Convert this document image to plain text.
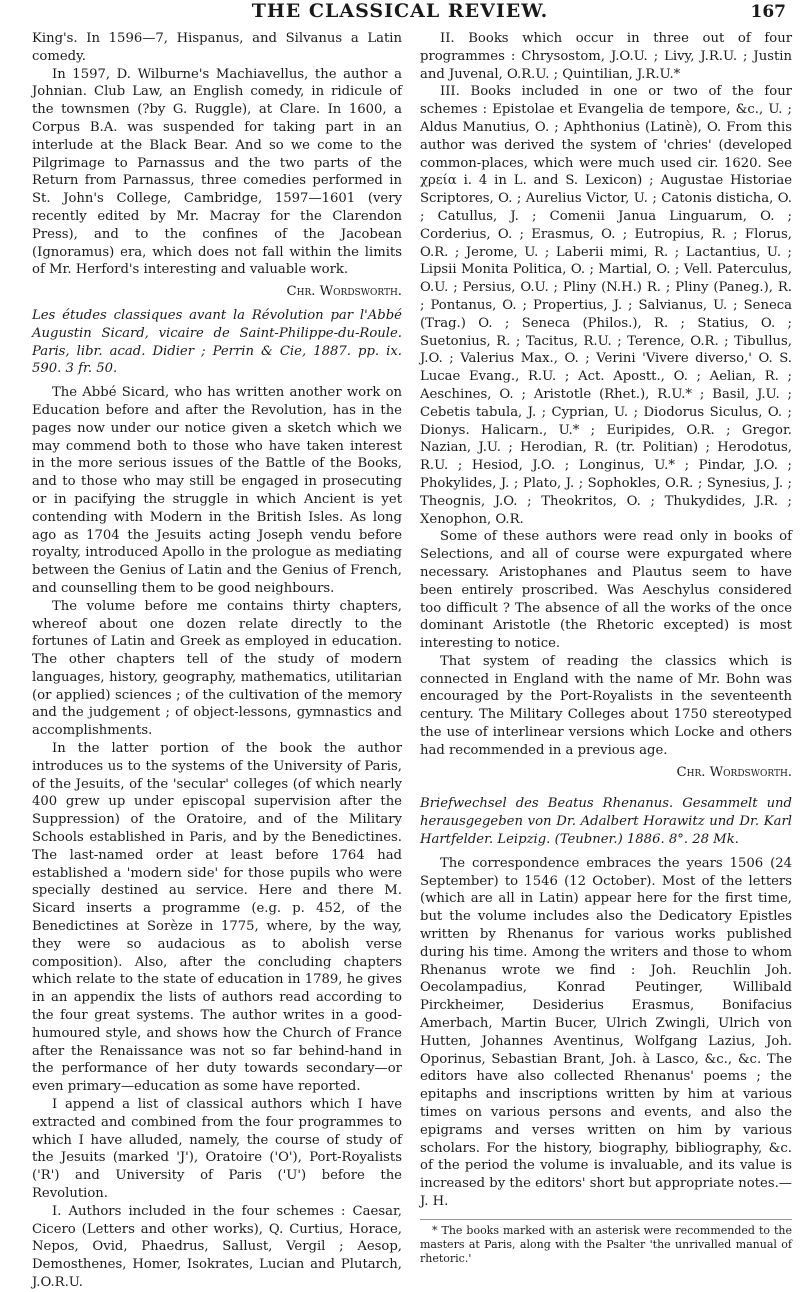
THE CLASSICAL REVIEW.	167

King's. In 1596—7, Hispanus, and Silvanus a Latin comedy.

In 1597, D. Wilburne's Machiavellus, the author a Johnian. Club Law, an English comedy, in ridicule of the townsmen (?by G. Ruggle), at Clare. In 1600, a Corpus B.A. was suspended for taking part in an interlude at the Black Bear. And so we come to the Pilgrimage to Parnassus and the two parts of the Return from Parnassus, three comedies performed in St. John's College, Cambridge, 1597—1601 (very recently edited by Mr. Macray for the Clarendon Press), and to the confines of the Jacobean (Ignoramus) era, which does not fall within the limits of Mr. Herford's interesting and valuable work.

Chr. Wordsworth.

Les études classiques avant la Révolution par l'Abbé Augustin Sicard, vicaire de Saint-Philippe-du-Roule. Paris, libr. acad. Didier ; Perrin & Cie, 1887. pp. ix. 590. 3 fr. 50.

The Abbé Sicard, who has written another work on Education before and after the Revolution, has in the pages now under our notice given a sketch which we may commend both to those who have taken interest in the more serious issues of the Battle of the Books, and to those who may still be engaged in prosecuting or in pacifying the struggle in which Ancient is yet contending with Modern in the British Isles. As long ago as 1704 the Jesuits acting Joseph vendu before royalty, introduced Apollo in the prologue as mediating between the Genius of Latin and the Genius of French, and counselling them to be good neighbours.

The volume before me contains thirty chapters, whereof about one dozen relate directly to the fortunes of Latin and Greek as employed in education. The other chapters tell of the study of modern languages, history, geography, mathematics, utilitarian (or applied) sciences ; of the cultivation of the memory and the judgement ; of object-lessons, gymnastics and accomplishments.

In the latter portion of the book the author introduces us to the systems of the University of Paris, of the Jesuits, of the 'secular' colleges (of which nearly 400 grew up under episcopal supervision after the Suppression) of the Oratoire, and of the Military Schools established in Paris, and by the Benedictines. The last-named order at least before 1764 had established a 'modern side' for those pupils who were specially destined au service. Here and there M. Sicard inserts a programme (e.g. p. 452, of the Benedictines at Sorèze in 1775, where, by the way, they were so audacious as to abolish verse composition). Also, after the concluding chapters which relate to the state of education in 1789, he gives in an appendix the lists of authors read according to the four great systems. The author writes in a good-humoured style, and shows how the Church of France after the Renaissance was not so far behind-hand in the performance of her duty towards secondary—or even primary—education as some have reported.

I append a list of classical authors which I have extracted and combined from the four programmes to which I have alluded, namely, the course of study of the Jesuits (marked 'J'), Oratoire ('O'), Port-Royalists ('R') and University of Paris ('U') before the Revolution.

I. Authors included in the four schemes : Caesar, Cicero (Letters and other works), Q. Curtius, Horace, Nepos, Ovid, Phaedrus, Sallust, Vergil ; Aesop, Demosthenes, Homer, Isokrates, Lucian and Plutarch, J.O.R.U.

II. Books which occur in three out of four programmes : Chrysostom, J.O.U. ; Livy, J.R.U. ; Justin and Juvenal, O.R.U. ; Quintilian, J.R.U.*

III. Books included in one or two of the four schemes : Epistolae et Evangelia de tempore, &c., U. ; Aldus Manutius, O. ; Aphthonius (Latinè), O. From this author was derived the system of 'chries' (developed common-places, which were much used cir. 1620. See χρεία i. 4 in L. and S. Lexicon) ; Augustae Historiae Scriptores, O. ; Aurelius Victor, U. ; Catonis disticha, O. ; Catullus, J. ; Comenii Janua Linguarum, O. ; Corderius, O. ; Erasmus, O. ; Eutropius, R. ; Florus, O.R. ; Jerome, U. ; Laberii mimi, R. ; Lactantius, U. ; Lipsii Monita Politica, O. ; Martial, O. ; Vell. Paterculus, O.U. ; Persius, O.U. ; Pliny (N.H.) R. ; Pliny (Paneg.), R. ; Pontanus, O. ; Propertius, J. ; Salvianus, U. ; Seneca (Trag.) O. ; Seneca (Philos.), R. ; Statius, O. ; Suetonius, R. ; Tacitus, R.U. ; Terence, O.R. ; Tibullus, J.O. ; Valerius Max., O. ; Verini 'Vivere diverso,' O. S. Lucae Evang., R.U. ; Act. Apostt., O. ; Aelian, R. ; Aeschines, O. ; Aristotle (Rhet.), R.U.* ; Basil, J.U. ; Cebetis tabula, J. ; Cyprian, U. ; Diodorus Siculus, O. ; Dionys. Halicarn., U.* ; Euripides, O.R. ; Gregor. Nazian, J.U. ; Herodian, R. (tr. Politian) ; Herodotus, R.U. ; Hesiod, J.O. ; Longinus, U.* ; Pindar, J.O. ; Phokylides, J. ; Plato, J. ; Sophokles, O.R. ; Synesius, J. ; Theognis, J.O. ; Theokritos, O. ; Thukydides, J.R. ; Xenophon, O.R.

Some of these authors were read only in books of Selections, and all of course were expurgated where necessary. Aristophanes and Plautus seem to have been entirely proscribed. Was Aeschylus considered too difficult ? The absence of all the works of the once dominant Aristotle (the Rhetoric excepted) is most interesting to notice.

That system of reading the classics which is connected in England with the name of Mr. Bohn was encouraged by the Port-Royalists in the seventeenth century. The Military Colleges about 1750 stereotyped the use of interlinear versions which Locke and others had recommended in a previous age.

Chr. Wordsworth.

Briefwechsel des Beatus Rhenanus. Gesammelt und herausgegeben von Dr. Adalbert Horawitz und Dr. Karl Hartfelder. Leipzig. (Teubner.) 1886. 8°. 28 Mk.

The correspondence embraces the years 1506 (24 September) to 1546 (12 October). Most of the letters (which are all in Latin) appear here for the first time, but the volume includes also the Dedicatory Epistles written by Rhenanus for various works published during his time. Among the writers and those to whom Rhenanus wrote we find : Joh. Reuchlin Joh. Oecolampadius, Konrad Peutinger, Willibald Pirckheimer, Desiderius Erasmus, Bonifacius Amerbach, Martin Bucer, Ulrich Zwingli, Ulrich von Hutten, Johannes Aventinus, Wolfgang Lazius, Joh. Oporinus, Sebastian Brant, Joh. à Lasco, &c., &c. The editors have also collected Rhenanus' poems ; the epitaphs and inscriptions written by him at various times on various persons and events, and also the epigrams and verses written on him by various scholars. For the history, biography, bibliography, &c. of the period the volume is invaluable, and its value is increased by the editors' short but appropriate notes.—J. H.

* The books marked with an asterisk were recommended to the masters at Paris, along with the Psalter 'the unrivalled manual of rhetoric.'
